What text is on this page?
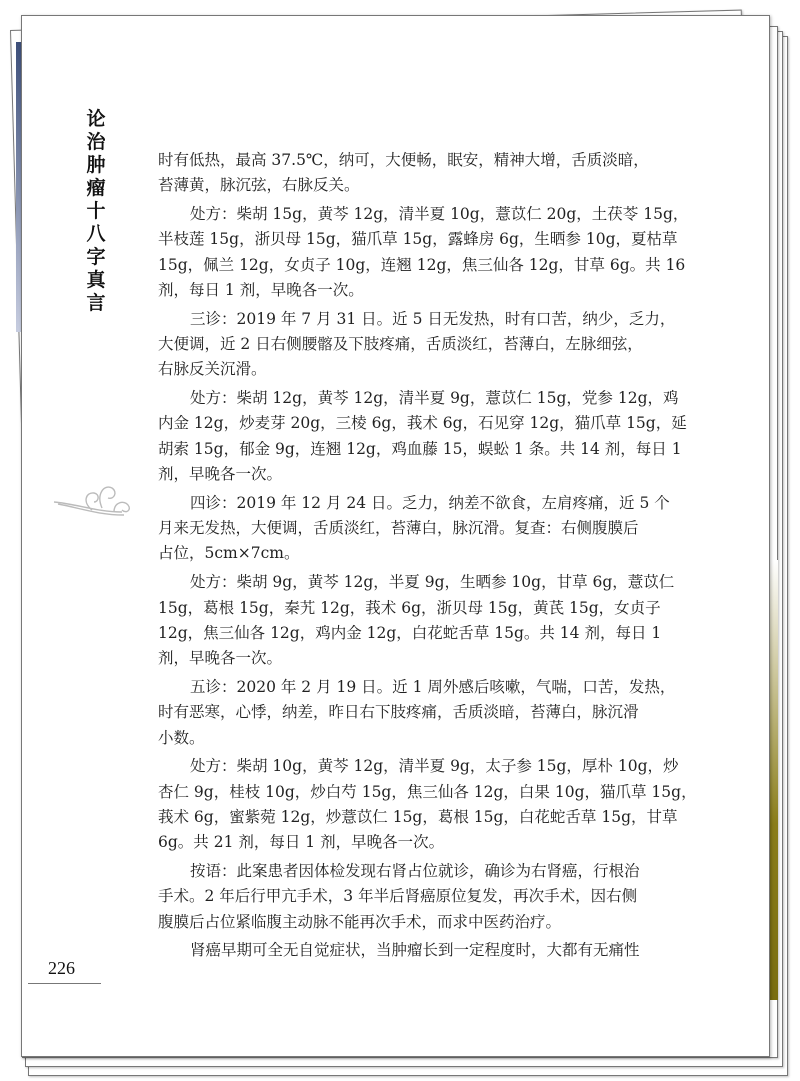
论
治
肿
瘤
十
八
字
真
言
时有低热，最高 37.5℃，纳可，大便畅，眠安，精神大增，舌质淡暗，
苔薄黄，脉沉弦，右脉反关。
处方：柴胡 15g，黄芩 12g，清半夏 10g，薏苡仁 20g，土茯苓 15g，
半枝莲 15g，浙贝母 15g，猫爪草 15g，露蜂房 6g，生晒参 10g，夏枯草
15g，佩兰 12g，女贞子 10g，连翘 12g，焦三仙各 12g，甘草 6g。共 16
剂，每日 1 剂，早晚各一次。
三诊：2019 年 7 月 31 日。近 5 日无发热，时有口苦，纳少，乏力，
大便调，近 2 日右侧腰髂及下肢疼痛，舌质淡红，苔薄白，左脉细弦，
右脉反关沉滑。
处方：柴胡 12g，黄芩 12g，清半夏 9g，薏苡仁 15g，党参 12g，鸡
内金 12g，炒麦芽 20g，三棱 6g，莪术 6g，石见穿 12g，猫爪草 15g，延
胡索 15g，郁金 9g，连翘 12g，鸡血藤 15，蜈蚣 1 条。共 14 剂，每日 1
剂，早晚各一次。
四诊：2019 年 12 月 24 日。乏力，纳差不欲食，左肩疼痛，近 5 个
月来无发热，大便调，舌质淡红，苔薄白，脉沉滑。复查：右侧腹膜后
占位，5cm×7cm。
处方：柴胡 9g，黄芩 12g，半夏 9g，生晒参 10g，甘草 6g，薏苡仁
15g，葛根 15g，秦艽 12g，莪术 6g，浙贝母 15g，黄芪 15g，女贞子
12g，焦三仙各 12g，鸡内金 12g，白花蛇舌草 15g。共 14 剂，每日 1
剂，早晚各一次。
五诊：2020 年 2 月 19 日。近 1 周外感后咳嗽，气喘，口苦，发热，
时有恶寒，心悸，纳差，昨日右下肢疼痛，舌质淡暗，苔薄白，脉沉滑
小数。
处方：柴胡 10g，黄芩 12g，清半夏 9g，太子参 15g，厚朴 10g，炒
杏仁 9g，桂枝 10g，炒白芍 15g，焦三仙各 12g，白果 10g，猫爪草 15g，
莪术 6g，蜜紫菀 12g，炒薏苡仁 15g，葛根 15g，白花蛇舌草 15g，甘草
6g。共 21 剂，每日 1 剂，早晚各一次。
按语：此案患者因体检发现右肾占位就诊，确诊为右肾癌，行根治
手术。2 年后行甲亢手术，3 年半后肾癌原位复发，再次手术，因右侧
腹膜后占位紧临腹主动脉不能再次手术，而求中医药治疗。
肾癌早期可全无自觉症状，当肿瘤长到一定程度时，大都有无痛性
226
